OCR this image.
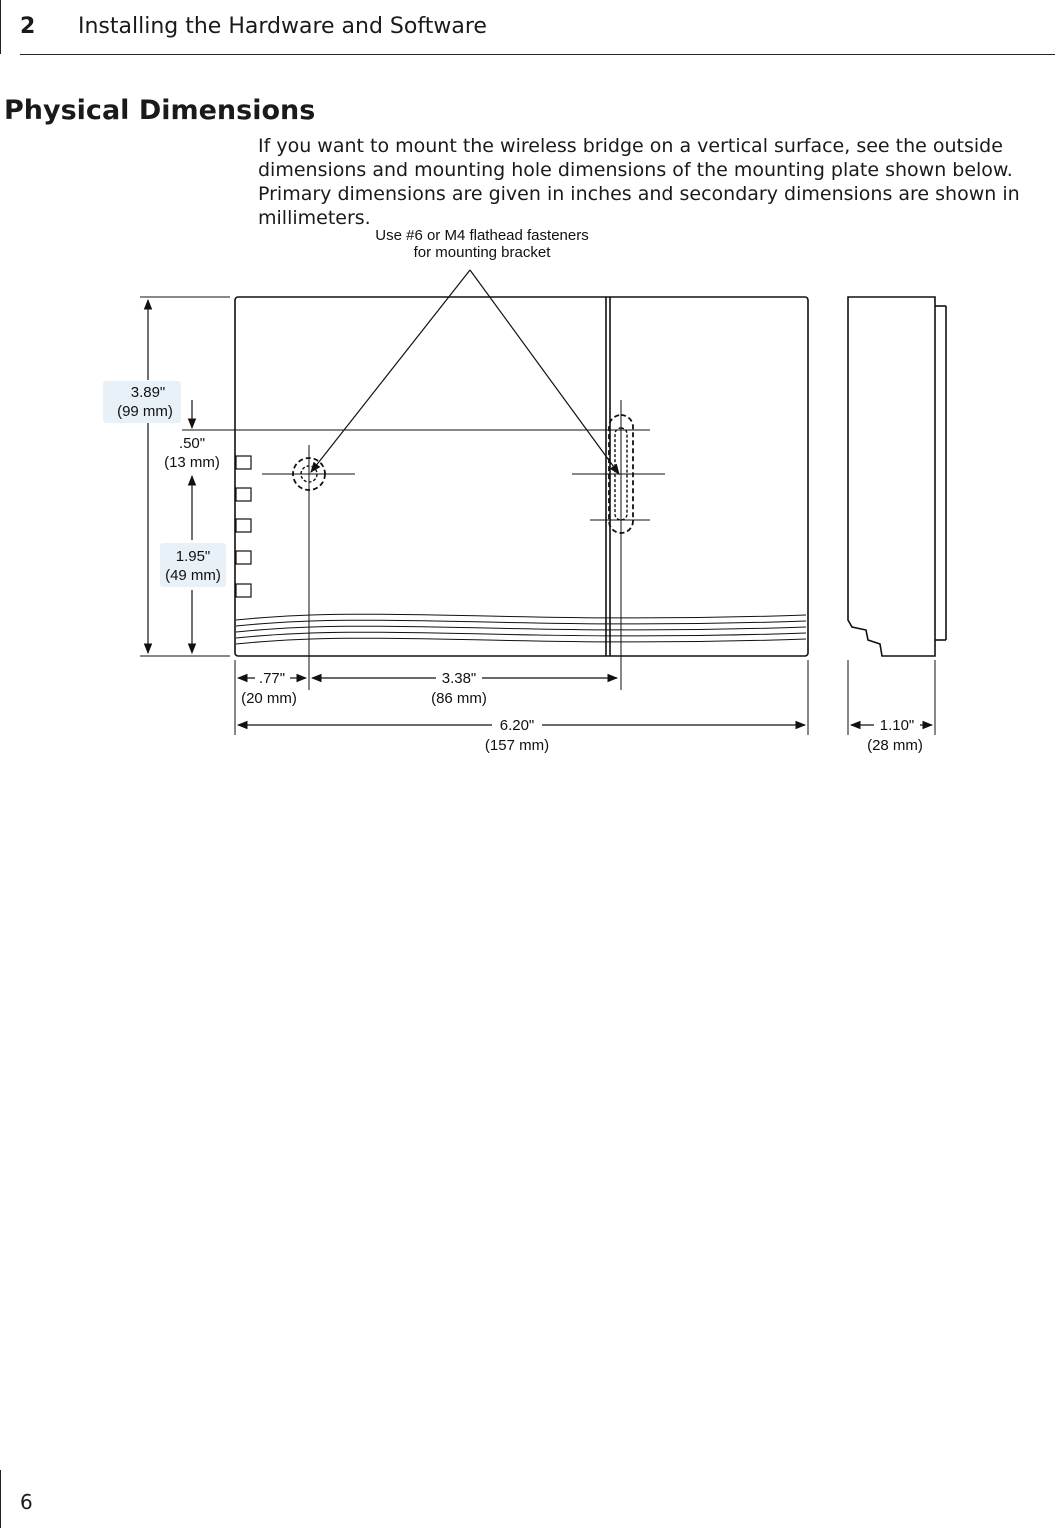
2 Installing the Hardware and Software
Physical Dimensions
If you want to mount the wireless bridge on a vertical surface, see the outside dimensions and mounting hole dimensions of the mounting plate shown below. Primary dimensions are given in inches and secondary dimensions are shown in millimeters.
Use #6 or M4 flathead fasteners
for mounting bracket
3.89"
(99 mm)
.50"
(13 mm)
1.95"
(49 mm)
.77"
(20 mm)
3.38"
(86 mm)
6.20"
(157 mm)
1.10"
(28 mm)
6
